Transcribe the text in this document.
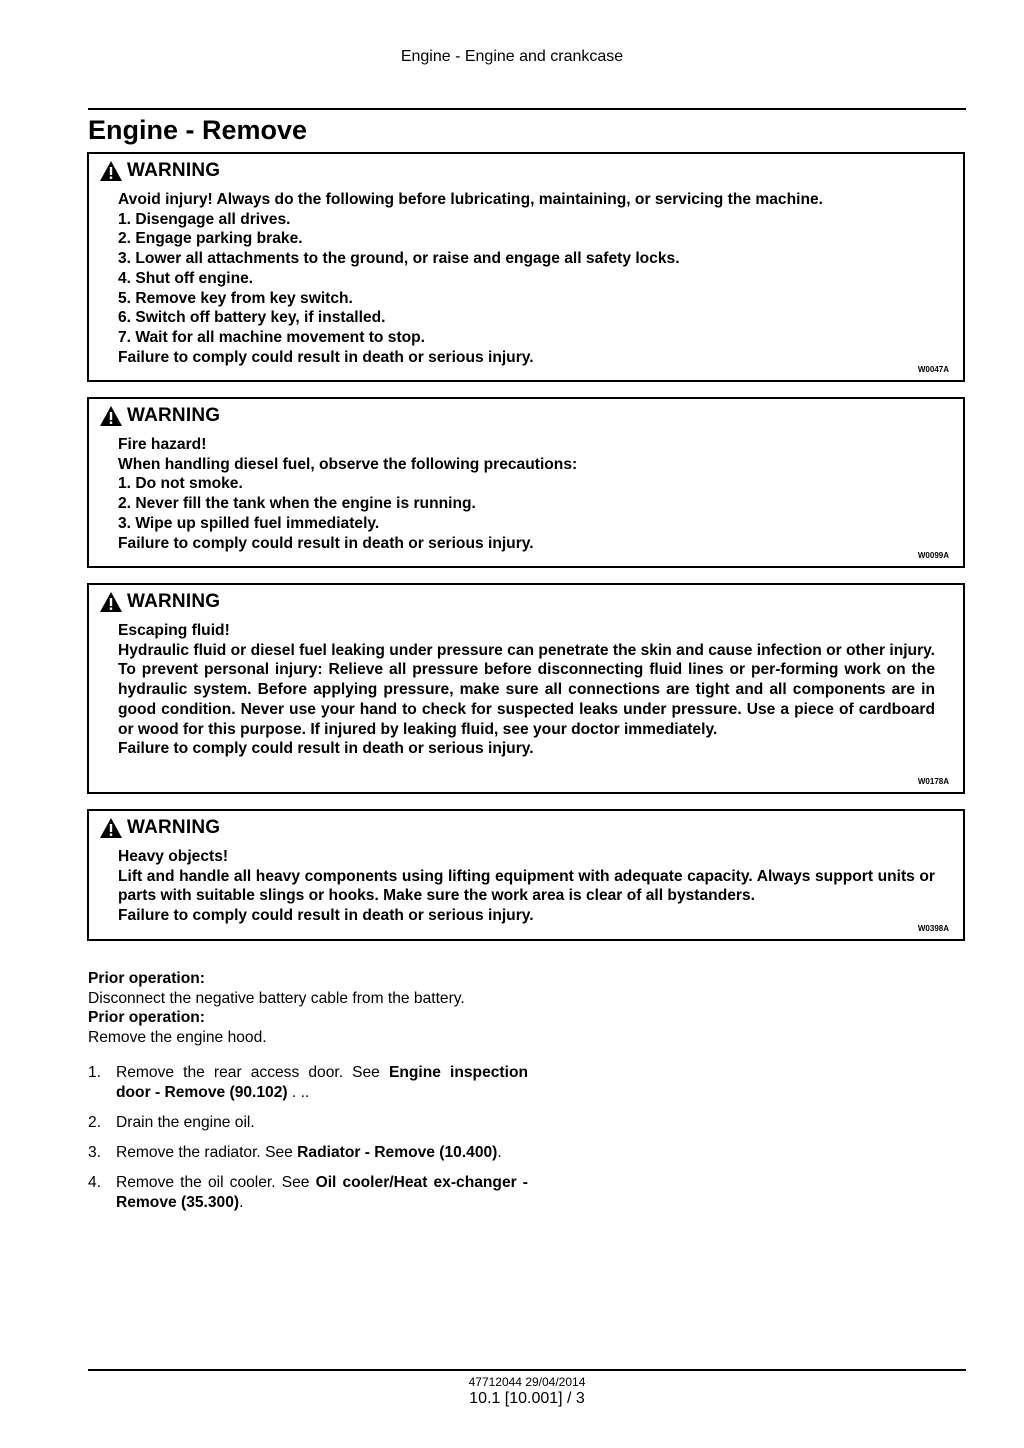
Engine - Engine and crankcase
Engine - Remove
WARNING

Avoid injury! Always do the following before lubricating, maintaining, or servicing the machine.

1. Disengage all drives.
2. Engage parking brake.
3. Lower all attachments to the ground, or raise and engage all safety locks.
4. Shut off engine.
5. Remove key from key switch.
6. Switch off battery key, if installed.
7. Wait for all machine movement to stop.

Failure to comply could result in death or serious injury.

W0047A
WARNING

Fire hazard!

When handling diesel fuel, observe the following precautions:

1. Do not smoke.
2. Never fill the tank when the engine is running.
3. Wipe up spilled fuel immediately.

Failure to comply could result in death or serious injury.

W0099A
WARNING

Escaping fluid!

Hydraulic fluid or diesel fuel leaking under pressure can penetrate the skin and cause infection or other injury. To prevent personal injury: Relieve all pressure before disconnecting fluid lines or per-forming work on the hydraulic system. Before applying pressure, make sure all connections are tight and all components are in good condition. Never use your hand to check for suspected leaks under pressure. Use a piece of cardboard or wood for this purpose. If injured by leaking fluid, see your doctor immediately.

Failure to comply could result in death or serious injury.

W0178A
WARNING

Heavy objects!

Lift and handle all heavy components using lifting equipment with adequate capacity. Always support units or parts with suitable slings or hooks. Make sure the work area is clear of all bystanders.

Failure to comply could result in death or serious injury.

W0398A

Prior operation:

Disconnect the negative battery cable from the battery.

Prior operation:

Remove the engine hood.

1. Remove the rear access door. See Engine inspection door - Remove (90.102) . ..
2. Drain the engine oil.
3. Remove the radiator. See Radiator - Remove (10.400).
4. Remove the oil cooler. See Oil cooler/Heat ex-changer - Remove (35.300).
47712044 29/04/2014
10.1 [10.001] / 3
